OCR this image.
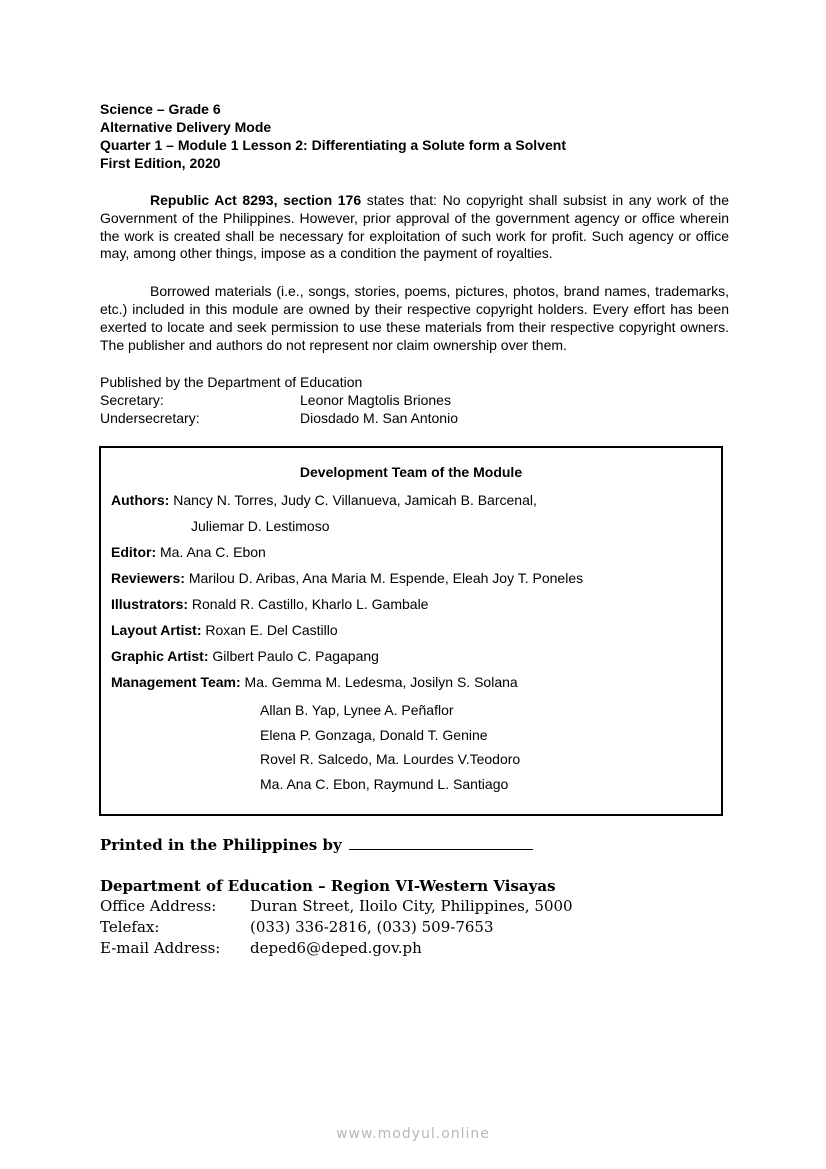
Science – Grade 6
Alternative Delivery Mode
Quarter 1 – Module 1 Lesson 2: Differentiating a Solute form a Solvent
First Edition, 2020
Republic Act 8293, section 176 states that: No copyright shall subsist in any work of the Government of the Philippines. However, prior approval of the government agency or office wherein the work is created shall be necessary for exploitation of such work for profit. Such agency or office may, among other things, impose as a condition the payment of royalties.
Borrowed materials (i.e., songs, stories, poems, pictures, photos, brand names, trademarks, etc.) included in this module are owned by their respective copyright holders. Every effort has been exerted to locate and seek permission to use these materials from their respective copyright owners. The publisher and authors do not represent nor claim ownership over them.
Published by the Department of Education
Secretary:	Leonor Magtolis Briones
Undersecretary:	Diosdado M. San Antonio
Development Team of the Module
Authors: Nancy N. Torres, Judy C. Villanueva, Jamicah B. Barcenal,
Juliemar D. Lestimoso
Editor: Ma. Ana C. Ebon
Reviewers: Marilou D. Aribas, Ana Maria M. Espende, Eleah Joy T. Poneles
Illustrators: Ronald R. Castillo, Kharlo L. Gambale
Layout Artist: Roxan E. Del Castillo
Graphic Artist: Gilbert Paulo C. Pagapang
Management Team: Ma. Gemma M. Ledesma, Josilyn S. Solana
Allan B. Yap, Lynee A. Peñaflor
Elena P. Gonzaga, Donald T. Genine
Rovel R. Salcedo, Ma. Lourdes V.Teodoro
Ma. Ana C. Ebon, Raymund L. Santiago
Printed in the Philippines by
Department of Education – Region VI-Western Visayas
Office Address:	Duran Street, Iloilo City, Philippines, 5000
Telefax:	(033) 336-2816, (033) 509-7653
E-mail Address:	deped6@deped.gov.ph
www.modyul.online
